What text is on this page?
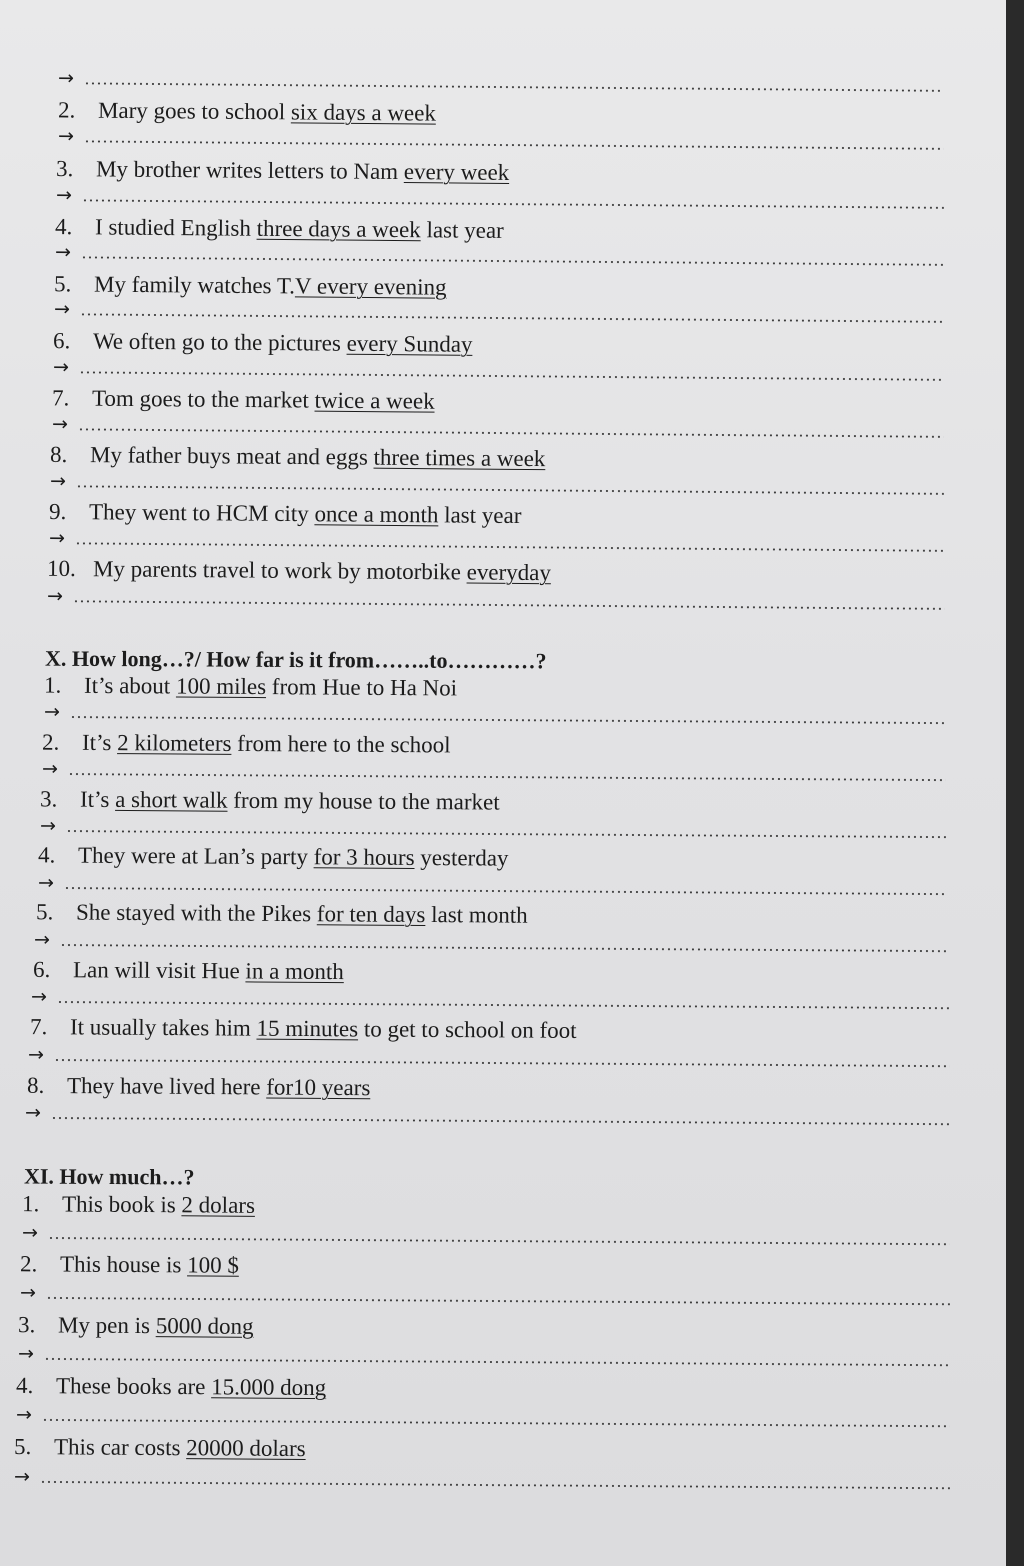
→
2. Mary goes to school six days a week
→
3. My brother writes letters to Nam every week
→
4. I studied English three days a week last year
→
5. My family watches T.V every evening
→
6. We often go to the pictures every Sunday
→
7. Tom goes to the market twice a week
→
8. My father buys meat and eggs three times a week
→
9. They went to HCM city once a month last year
→
10. My parents travel to work by motorbike everyday
→
X. How long…?/ How far is it from……..to…………?
1. It’s about 100 miles from Hue to Ha Noi
→
2. It’s 2 kilometers from here to the school
→
3. It’s a short walk from my house to the market
→
4. They were at Lan’s party for 3 hours yesterday
→
5. She stayed with the Pikes for ten days last month
→
6. Lan will visit Hue in a month
→
7. It usually takes him 15 minutes to get to school on foot
→
8. They have lived here for10 years
→
XI. How much…?
1. This book is 2 dolars
→
2. This house is 100 $
→
3. My pen is 5000 dong
→
4. These books are 15.000 dong
→
5. This car costs 20000 dolars
→
